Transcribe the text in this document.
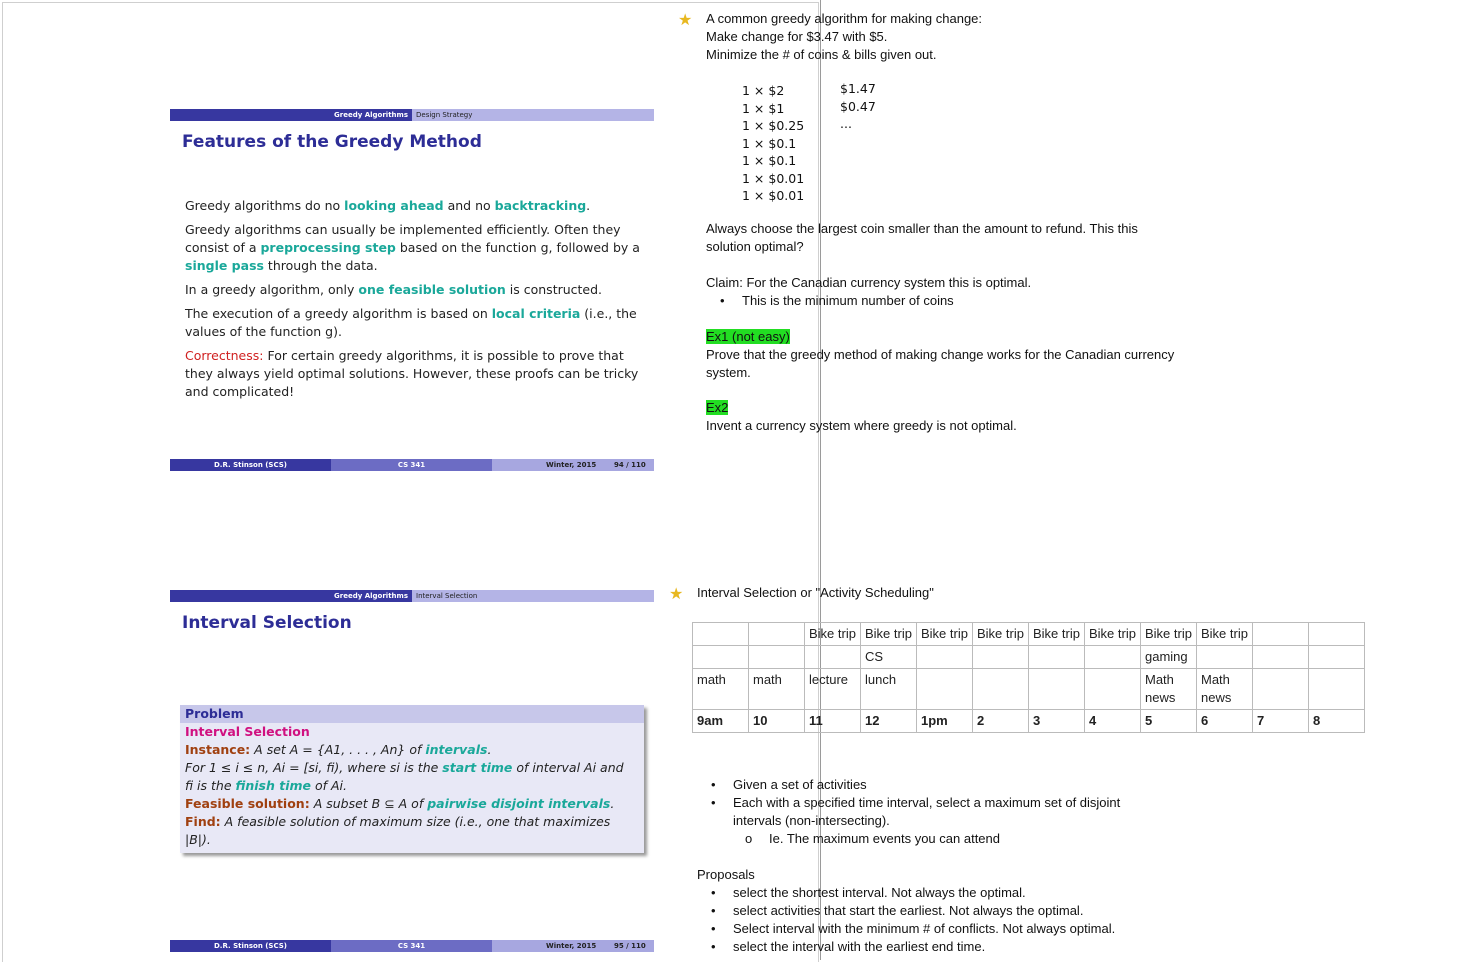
Greedy Algorithms	Design Strategy
Features of the Greedy Method

Greedy algorithms do no looking ahead and no backtracking.

Greedy algorithms can usually be implemented efficiently. Often they consist of a preprocessing step based on the function g, followed by a single pass through the data.

In a greedy algorithm, only one feasible solution is constructed.

The execution of a greedy algorithm is based on local criteria (i.e., the values of the function g).

Correctness: For certain greedy algorithms, it is possible to prove that they always yield optimal solutions. However, these proofs can be tricky and complicated!

D.R. Stinson (SCS)	CS 341	Winter, 2015	94 / 110
Greedy Algorithms	Interval Selection
Interval Selection
Problem
Interval Selection
Instance: A set A = {A1, . . . , An} of intervals.
For 1 ≤ i ≤ n, Ai = [si, fi), where si is the start time of interval Ai and
fi is the finish time of Ai.
Feasible solution: A subset B ⊆ A of pairwise disjoint intervals.
Find: A feasible solution of maximum size (i.e., one that maximizes |B|).
D.R. Stinson (SCS)	CS 341	Winter, 2015	95 / 110
★ A common greedy algorithm for making change:
Make change for $3.47 with $5.
Minimize the # of coins & bills given out.
1 × $2
1 × $1
1 × $0.25
1 × $0.1
1 × $0.1
1 × $0.01
1 × $0.01
$1.47
$0.47
...
Always choose the largest coin smaller than the amount to refund. This this solution optimal?
Claim: For the Canadian currency system this is optimal.
• This is the minimum number of coins
Ex1 (not easy)
Prove that the greedy method of making change works for the Canadian currency system.
Ex2
Invent a currency system where greedy is not optimal.
★ Interval Selection or "Activity Scheduling"
		Bike trip	Bike trip	Bike trip	Bike trip	Bike trip	Bike trip	Bike trip	Bike trip		
			CS					gaming			
math	math	lecture	lunch					Math news	Math news		
9am	10	11	12	1pm	2	3	4	5	6	7	8
• Given a set of activities
• Each with a specified time interval, select a maximum set of disjoint intervals (non-intersecting).
o Ie. The maximum events you can attend
Proposals
• select the shortest interval. Not always the optimal.
• select activities that start the earliest. Not always the optimal.
• Select interval with the minimum # of conflicts. Not always optimal.
• select the interval with the earliest end time.
